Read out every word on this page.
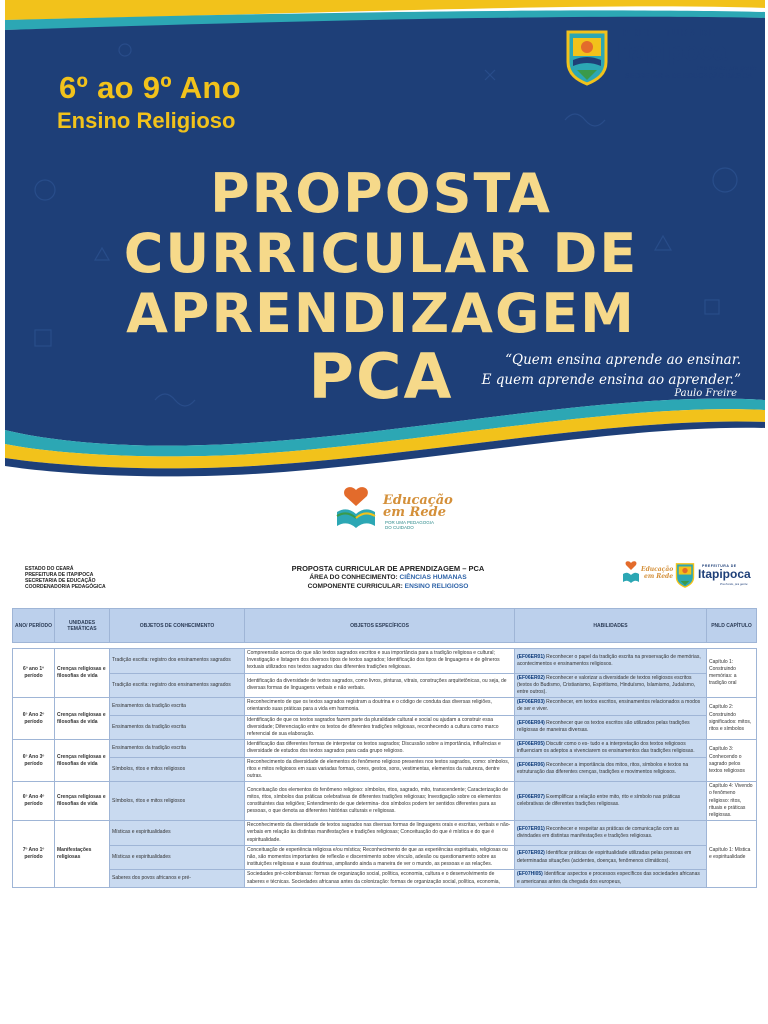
6º ao 9º Ano
Ensino Religioso
PROPOSTA
CURRICULAR DE
APRENDIZAGEM
PCA	“Quem ensina aprende ao ensinar.
E quem aprende ensina ao aprender.”
Paulo Freire
PREFEITURA DE
Itapipoca
Pra frente, pra gente
SECRETARIA DE EDUCAÇÃO BÁSICA
Educação
em Rede
POR UMA PEDAGOGIA
DO CUIDADO
ESTADO DO CEARÁ
PREFEITURA DE ITAPIPOCA
SECRETARIA DE EDUCAÇÃO
COORDENADORIA PEDAGÓGICA
PROPOSTA CURRICULAR DE APRENDIZAGEM – PCA
ÁREA DO CONHECIMENTO: CIÊNCIAS HUMANAS
COMPONENTE CURRICULAR: ENSINO RELIGIOSO
Educação
em Rede
PREFEITURA DE
Itapipoca
Pra frente, pra gente
ANO/ PERÍODO	UNIDADES TEMÁTICAS	OBJETOS DE CONHECIMENTO	OBJETOS ESPECÍFICOS	HABILIDADES	PNLD CAPÍTULO

6º ano 1º período	Crenças religiosas e filosofias de vida	Tradição escrita: registro dos ensinamentos sagrados	Compreensão acerca do que são textos sagrados escritos e sua importância para a tradição religiosa e cultural; Investigação e listagem dos diversos tipos de textos sagrados; Identificação dos tipos de linguagens e de gêneros textuais utilizados nos textos sagrados das diferentes tradições religiosas.	(EF06ER01) Reconhecer o papel da tradição escrita na preservação de memórias, acontecimentos e ensinamentos religiosos.	Capítulo 1: Construindo memórias: a tradição oral
		Tradição escrita: registro dos ensinamentos sagrados	Identificação da diversidade de textos sagrados, como livros, pinturas, vitrais, construções arquitetônicas, ou seja, de diversas formas de linguagens verbais e não verbais.	(EF06ER02) Reconhecer e valorizar a diversidade de textos religiosos escritos (textos do Budismo, Cristianismo, Espiritismo, Hinduísmo, Islamismo, Judaísmo, entre outros).	
6º Ano 2º período	Crenças religiosas e filosofias de vida	Ensinamentos da tradição escrita	Reconhecimento de que os textos sagrados registram a doutrina e o código de conduta das diversas religiões, orientando suas práticas para a vida em harmonia.	(EF06ER03) Reconhecer, em textos escritos, ensinamentos relacionados a modos de ser e viver.	Capítulo 2: Construindo significados: mitos, ritos e símbolos
		Ensinamentos da tradição escrita	Identificação de que os textos sagrados fazem parte da pluralidade cultural e social ou ajudam a construir essa diversidade; Diferenciação entre os textos de diferentes tradições religiosas, reconhecendo a cultura como marco referencial de sua elaboração.	(EF06ER04) Reconhecer que os textos escritos são utilizados pelas tradições religiosas de maneiras diversas.	
6º Ano 3º período	Crenças religiosas e filosofias de vida	Ensinamentos da tradição escrita	Identificação das diferentes formas de interpretar os textos sagrados; Discussão sobre a importância, influências e diversidade de estudos dos textos sagrados para cada grupo religioso.	(EF06ER05) Discutir como o es- tudo e a interpretação dos textos religiosos influenciam os adeptos a vivenciarem os ensinamentos das tradições religiosas.	Capítulo 3: Conhecendo o sagrado pelos textos religiosos
		Símbolos, ritos e mitos religiosos	Reconhecimento da diversidade de elementos do fenômeno religioso presentes nos textos sagrados, como: símbolos, ritos e mitos religiosos em suas variadas formas, cores, gestos, sons, vestimentas, elementos da natureza, dentre outras.	(EF06ER06) Reconhecer a importância dos mitos, ritos, símbolos e textos na estruturação das diferentes crenças, tradições e movimentos religiosos.	
6º Ano 4º período	Crenças religiosas e filosofias de vida	Símbolos, ritos e mitos religiosos	Conceituação dos elementos do fenômeno religioso: símbolos, ritos, sagrado, mito, transcendente; Caracterização de mitos, ritos, símbolos das práticas celebrativas de diferentes tradições religiosas; Investigação sobre os elementos constituintes das religiões; Entendimento de que determina- dos símbolos podem ter sentidos diferentes para as pessoas, o que denota as diferentes histórias culturais e religiosas.	(EF06ER07) Exemplificar a relação entre mito, rito e símbolo nas práticas celebrativas de diferentes tradições religiosas.	Capítulo 4: Vivendo o fenômeno religioso: ritos, rituais e práticas religiosas.
7º Ano 1º período	Manifestações religiosas	Místicas e espiritualidades	Reconhecimento da diversidade de textos sagrados nas diversas formas de linguagens orais e escritas, verbais e não-verbais em relação às distintas manifestações e tradições religiosas; Conceituação do que é mística e do que é espiritualidade.	(EF07ER01) Reconhecer e respeitar as práticas de comunicação com as divindades em distintas manifestações e tradições religiosas.	Capítulo 1: Mística e espiritualidade
		Místicas e espiritualidades	Conceituação de experiência religiosa e/ou mística; Reconhecimento de que as experiências espirituais, religiosas ou não, são momentos importantes de reflexão e discernimento sobre vínculo, adesão ou questionamento sobre as instituições religiosas e suas doutrinas, ampliando ainda a maneira de ver o mundo, as pessoas e as relações.	(EF07ER02) Identificar práticas de espiritualidade utilizadas pelas pessoas em determinadas situações (acidentes, doenças, fenômenos climáticos).	
		Saberes dos povos africanos e pré-	Sociedades pré-colombianas: formas de organização social, política, economia, cultura e o desenvolvimento de saberes e técnicas. Sociedades africanas antes da colonização: formas de organização social, política, economia,	(EF07HI05) Identificar aspectos e processos específicos das sociedades africanas e americanas antes da chegada dos europeus,	
